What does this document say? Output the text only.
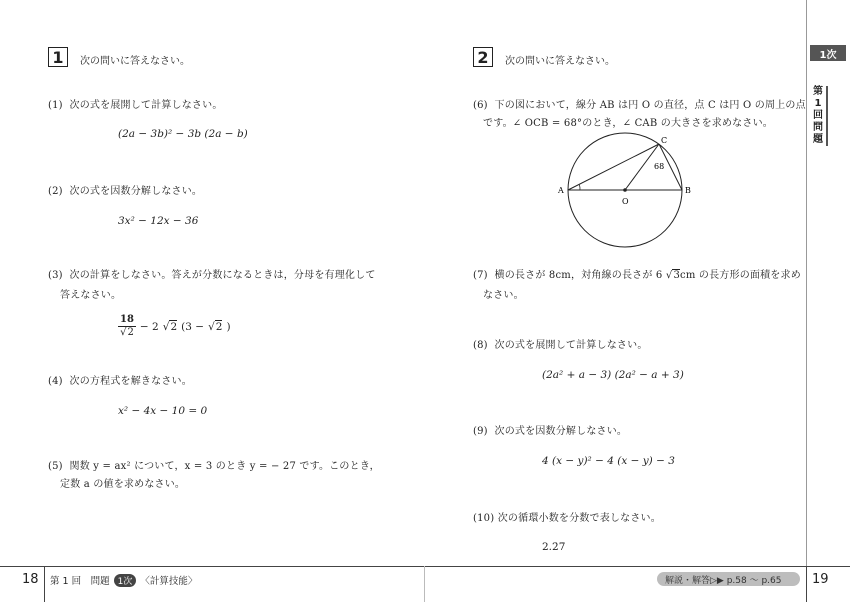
1次
第
1
回
問
題
1 次の問いに答えなさい。
(1) 次の式を展開して計算しなさい。
(2a − 3b)² − 3b (2a − b)
(2) 次の式を因数分解しなさい。
3x² − 12x − 36
(3) 次の計算をしなさい。答えが分数になるときは，分母を有理化して
答えなさい。
$\frac{18}{√2} - 2$ √2 (3 − √2 )
(4) 次の方程式を解きなさい。
x² − 4x − 10 = 0
(5) 関数 y = ax² について，x = 3 のとき y = − 27 です。このとき，
定数 a の値を求めなさい。
2 次の問いに答えなさい。
(6) 下の図において，線分 AB は円 O の直径，点 C は円 O の周上の点
です。∠ OCB = 68°のとき，∠ CAB の大きさを求めなさい。
A	B
C
O
68
(7) 横の長さが 8cm，対角線の長さが 6 √3cm の長方形の面積を求め
なさい。
(8) 次の式を展開して計算しなさい。
(2a² + a − 3) (2a² − a + 3)
(9) 次の式を因数分解しなさい。
4 (x − y)² − 4 (x − y) − 3
(10) 次の循環小数を分数で表しなさい。
2.2̇7̇
18 第 1 回　問題 1次 〈計算技能〉	解説・解答▷▶ p.58 ～ p.65 19
